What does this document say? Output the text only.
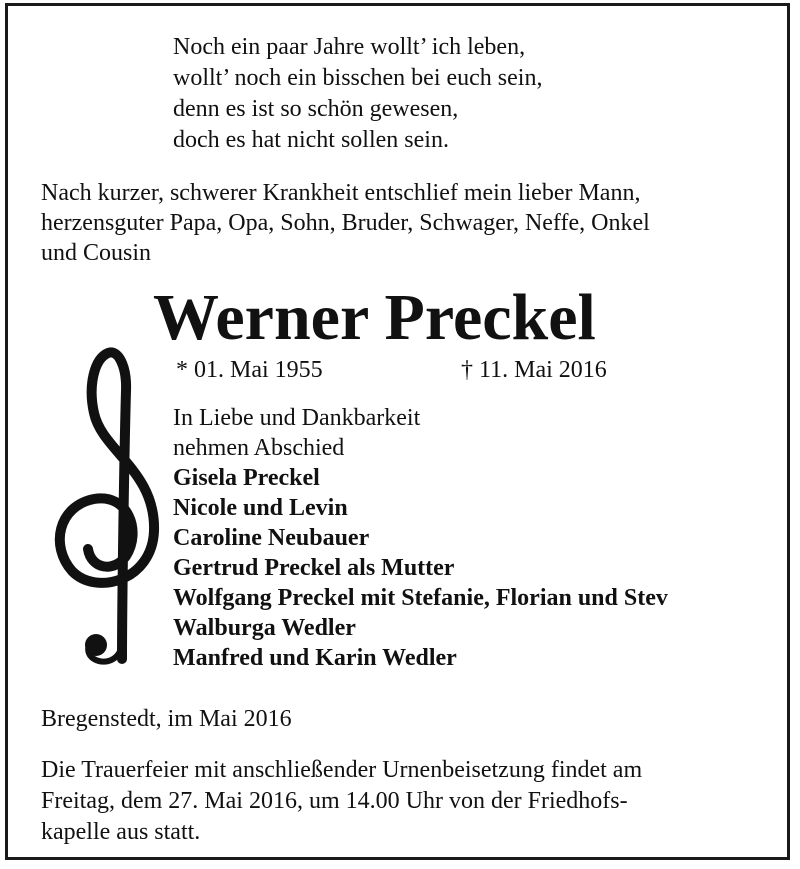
Noch ein paar Jahre wollt’ ich leben,
wollt’ noch ein bisschen bei euch sein,
denn es ist so schön gewesen,
doch es hat nicht sollen sein.
Nach kurzer, schwerer Krankheit entschlief mein lieber Mann,
herzensguter Papa, Opa, Sohn, Bruder, Schwager, Neffe, Onkel
und Cousin
Werner Preckel
* 01. Mai 1955	† 11. Mai 2016
In Liebe und Dankbarkeit
nehmen Abschied
Gisela Preckel
Nicole und Levin
Caroline Neubauer
Gertrud Preckel als Mutter
Wolfgang Preckel mit Stefanie, Florian und Stev
Walburga Wedler
Manfred und Karin Wedler
Bregenstedt, im Mai 2016
Die Trauerfeier mit anschließender Urnenbeisetzung findet am
Freitag, dem 27. Mai 2016, um 14.00 Uhr von der Friedhofs-
kapelle aus statt.
